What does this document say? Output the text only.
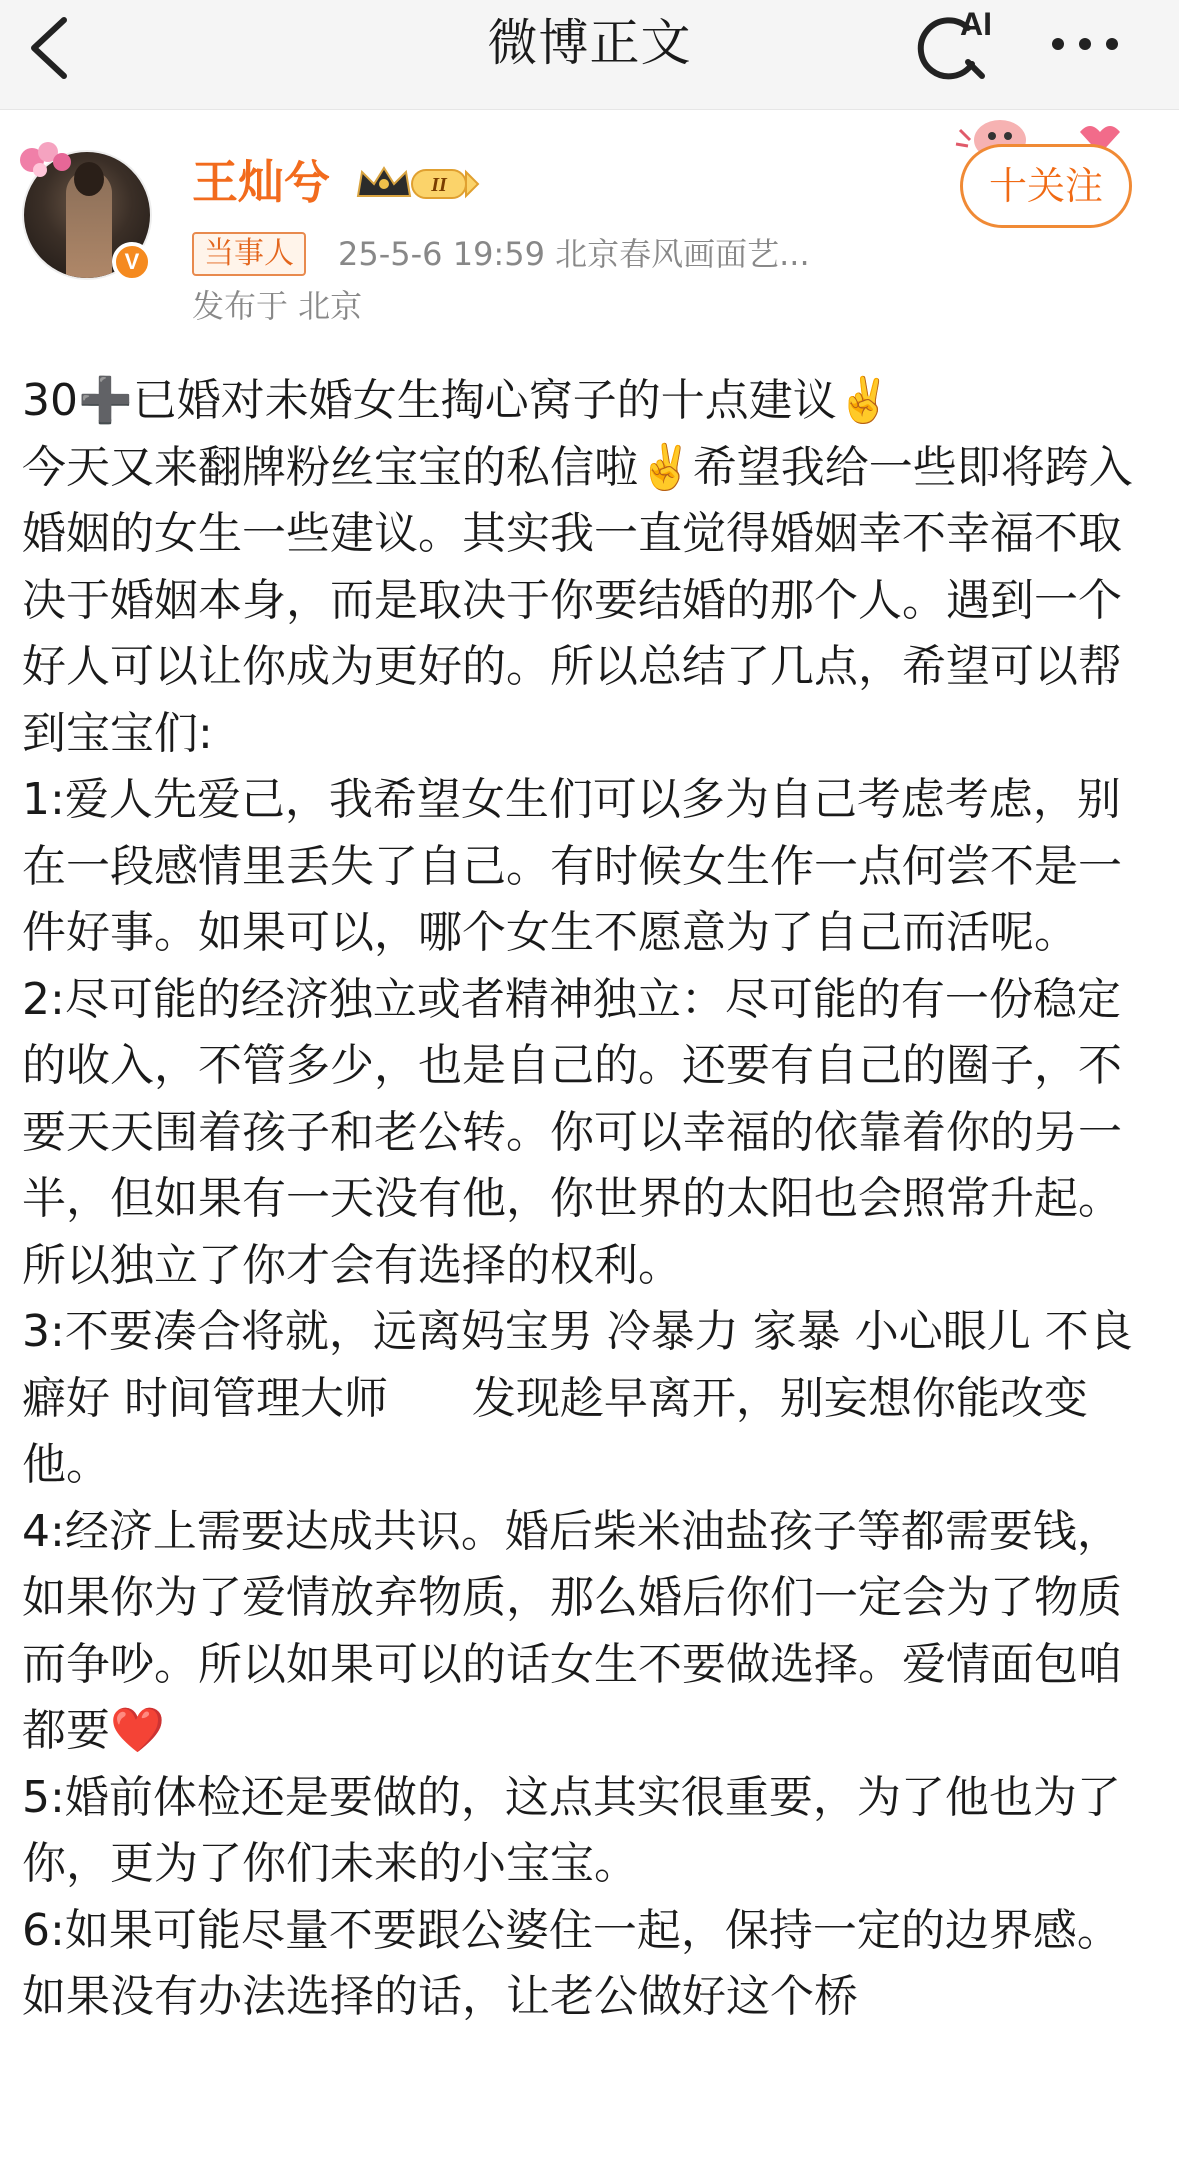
微博正文	AI
V
王灿兮	II
当事人	25-5-6 19:59 北京春风画面艺...
发布于 北京
十关注

30➕已婚对未婚女生掏心窝子的十点建议✌️

今天又来翻牌粉丝宝宝的私信啦✌️希望我给一些即将跨入婚姻的女生一些建议。其实我一直觉得婚姻幸不幸福不取决于婚姻本身，而是取决于你要结婚的那个人。遇到一个好人可以让你成为更好的。所以总结了几点，希望可以帮到宝宝们:

1:爱人先爱己，我希望女生们可以多为自己考虑考虑，别在一段感情里丢失了自己。有时候女生作一点何尝不是一件好事。如果可以，哪个女生不愿意为了自己而活呢。

2:尽可能的经济独立或者精神独立：尽可能的有一份稳定的收入，不管多少，也是自己的。还要有自己的圈子，不要天天围着孩子和老公转。你可以幸福的依靠着你的另一半，但如果有一天没有他，你世界的太阳也会照常升起。所以独立了你才会有选择的权利。

3:不要凑合将就，远离妈宝男 冷暴力 家暴 小心眼儿 不良癖好 时间管理大师      发现趁早离开，别妄想你能改变他。

4:经济上需要达成共识。婚后柴米油盐孩子等都需要钱，如果你为了爱情放弃物质，那么婚后你们一定会为了物质而争吵。所以如果可以的话女生不要做选择。爱情面包咱都要❤️

5:婚前体检还是要做的，这点其实很重要，为了他也为了你，更为了你们未来的小宝宝。

6:如果可能尽量不要跟公婆住一起，保持一定的边界感。如果没有办法选择的话，让老公做好这个桥
